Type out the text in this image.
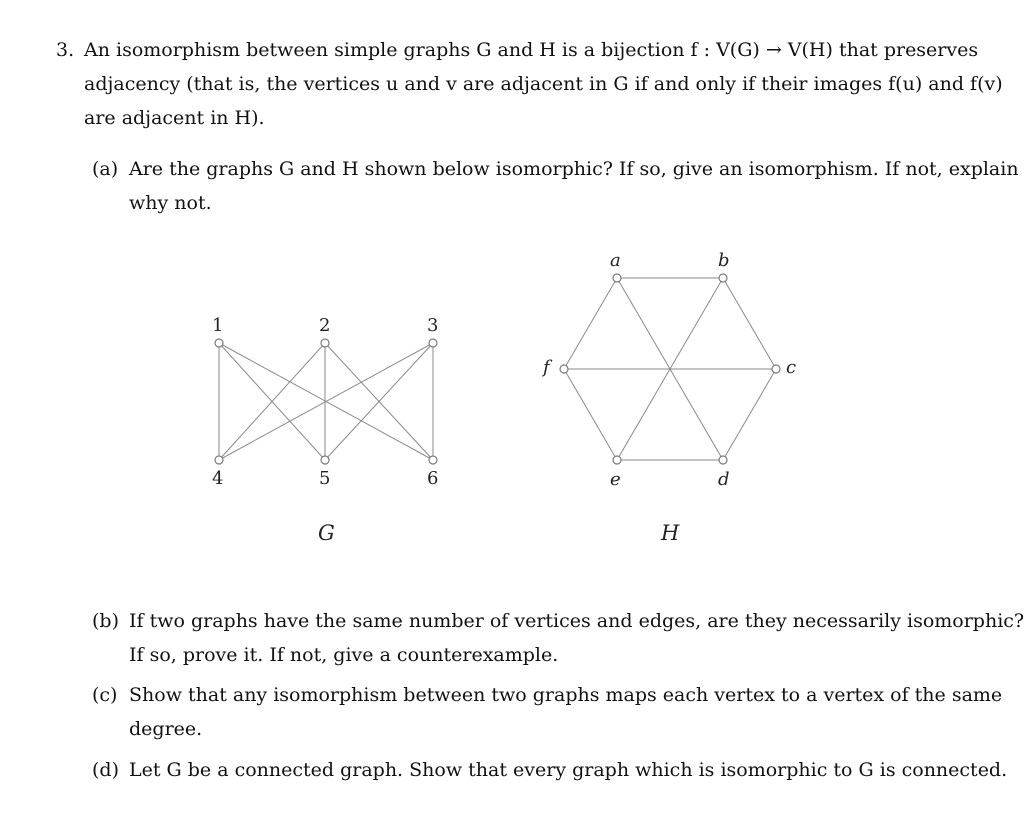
3. An isomorphism between simple graphs G and H is a bijection f : V(G) → V(H) that preserves
adjacency (that is, the vertices u and v are adjacent in G if and only if their images f(u) and f(v)
are adjacent in H).
(a) Are the graphs G and H shown below isomorphic? If so, give an isomorphism. If not, explain
why not.
1	2	3
4	5	6
G
a	b
c
d
e
f
H
(b) If two graphs have the same number of vertices and edges, are they necessarily isomorphic?
If so, prove it. If not, give a counterexample.
(c) Show that any isomorphism between two graphs maps each vertex to a vertex of the same
degree.
(d) Let G be a connected graph. Show that every graph which is isomorphic to G is connected.
